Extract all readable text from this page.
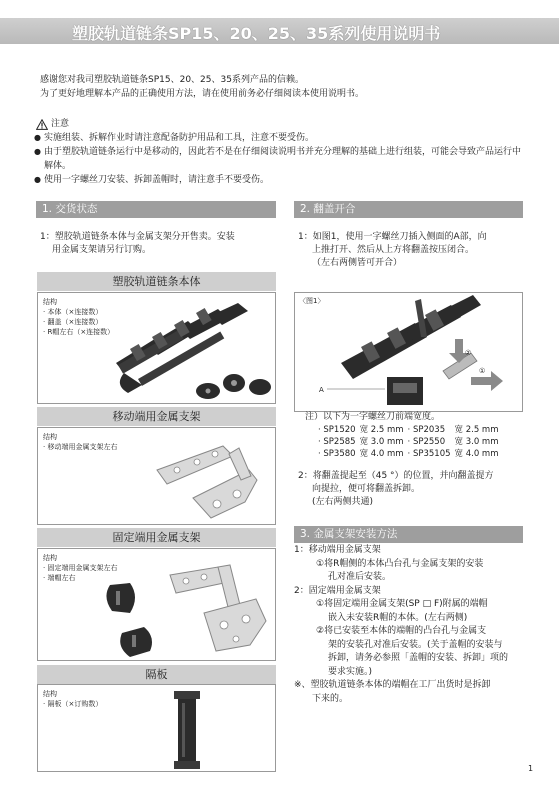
塑胶轨道链条SP15、20、25、35系列使用说明书
感谢您对我司塑胶轨道链条SP15、20、25、35系列产品的信赖。
为了更好地理解本产品的正确使用方法，请在使用前务必仔细阅读本使用说明书。
注意
● 实施组装、拆解作业时请注意配备防护用品和工具，注意不要受伤。
● 由于塑胶轨道链条运行中是移动的，因此若不是在仔细阅读说明书并充分理解的基础上进行组装，可能会导致产品运行中解体。
● 使用一字螺丝刀安装、拆卸盖帽时，请注意手不要受伤。
1. 交货状态
1：塑胶轨道链条本体与金属支架分开售卖。安装
用金属支架请另行订购。
塑胶轨道链条本体
结构
· 本体（×连接数）
· 翻盖（×连接数）
· R帽左右（×连接数）
移动端用金属支架
结构
· 移动端用金属支架左右
固定端用金属支架
结构
· 固定端用金属支架左右
· 端帽左右
隔板
结构
· 隔板（×订购数）
2. 翻盖开合
1：如图1，使用一字螺丝刀插入侧面的A部，向
上推打开、然后从上方将翻盖按压闭合。
（左右两侧皆可开合）
〈图1〉
A
②
①
注）以下为一字螺丝刀前端宽度。
· SP1520	宽 2.5 mm	· SP2035	宽 2.5 mm
· SP2585	宽 3.0 mm	· SP2550	宽 3.0 mm
· SP3580	宽 4.0 mm	· SP35105	宽 4.0 mm
2：将翻盖提起至（45 °）的位置，并向翻盖提方
向提拉，便可将翻盖拆卸。
(左右两侧共通)
3. 金属支架安装方法
1：移动端用金属支架
①将R帽侧的本体凸台孔与金属支架的安装
孔对准后安装。
2：固定端用金属支架
①将固定端用金属支架(SP □ F)附属的端帽
嵌入未安装R帽的本体。(左右两侧)
②将已安装至本体的端帽的凸台孔与金属支
架的安装孔对准后安装。(关于盖帽的安装与
拆卸，请务必参照「盖帽的安装、拆卸」项的
要求实施。)
※、塑胶轨道链条本体的端帽在工厂出货时是拆卸
下来的。
1
